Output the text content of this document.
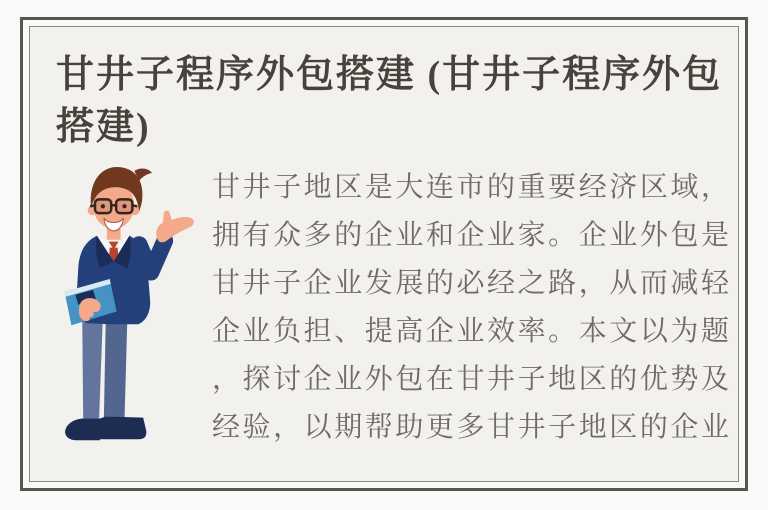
甘井子程序外包搭建 (甘井子程序外包
搭建)
甘井子地区是大连市的重要经济区域，
拥有众多的企业和企业家。企业外包是
甘井子企业发展的必经之路，从而减轻
企业负担、提高企业效率。本文以为题
，探讨企业外包在甘井子地区的优势及
经验，以期帮助更多甘井子地区的企业
